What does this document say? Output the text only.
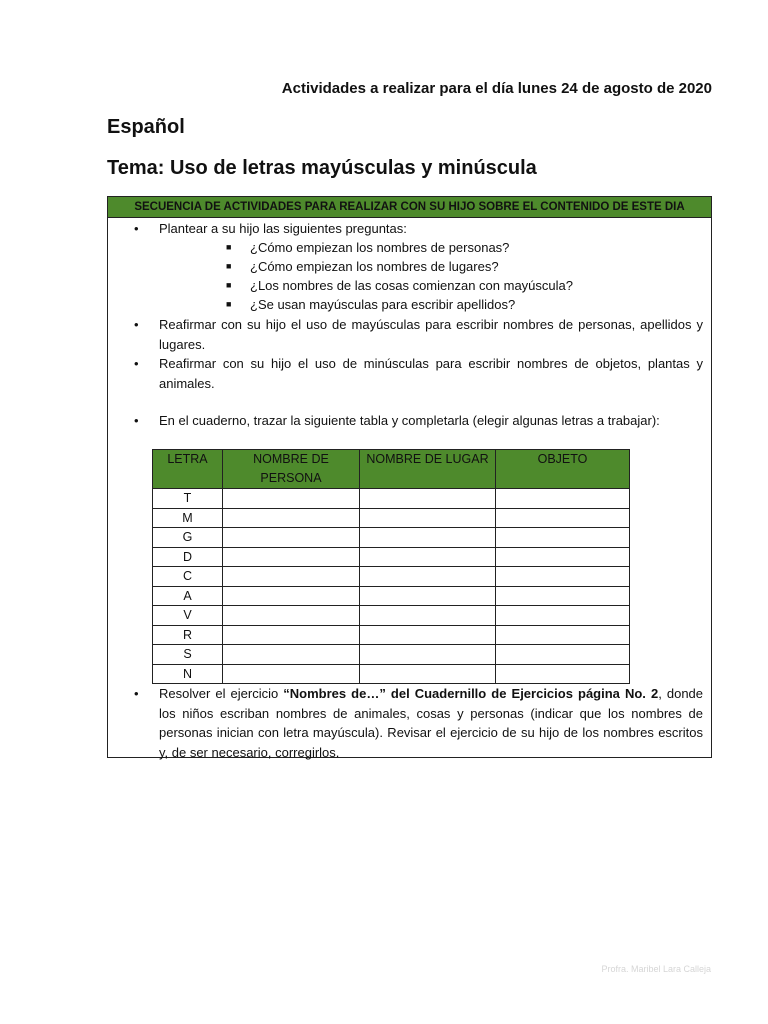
Actividades a realizar para el día lunes 24 de agosto de 2020
Español
Tema: Uso de letras mayúsculas y minúscula
SECUENCIA DE ACTIVIDADES PARA REALIZAR CON SU HIJO SOBRE EL CONTENIDO DE ESTE DIA
• Plantear a su hijo las siguientes preguntas:
■ ¿Cómo empiezan los nombres de personas?
■ ¿Cómo empiezan los nombres de lugares?
■ ¿Los nombres de las cosas comienzan con mayúscula?
■ ¿Se usan mayúsculas para escribir apellidos?
• Reafirmar con su hijo el uso de mayúsculas para escribir nombres de personas, apellidos y lugares.
• Reafirmar con su hijo el uso de minúsculas para escribir nombres de objetos, plantas y animales.
• En el cuaderno, trazar la siguiente tabla y completarla (elegir algunas letras a trabajar):
LETRA	NOMBRE DE PERSONA	NOMBRE DE LUGAR	OBJETO
T			
M			
G			
D			
C			
A			
V			
R			
S			
N			
• Resolver el ejercicio “Nombres de…” del Cuadernillo de Ejercicios página No. 2, donde los niños escriban nombres de animales, cosas y personas (indicar que los nombres de personas inician con letra mayúscula). Revisar el ejercicio de su hijo de los nombres escritos y, de ser necesario, corregirlos.
Profra. Maribel Lara Calleja
